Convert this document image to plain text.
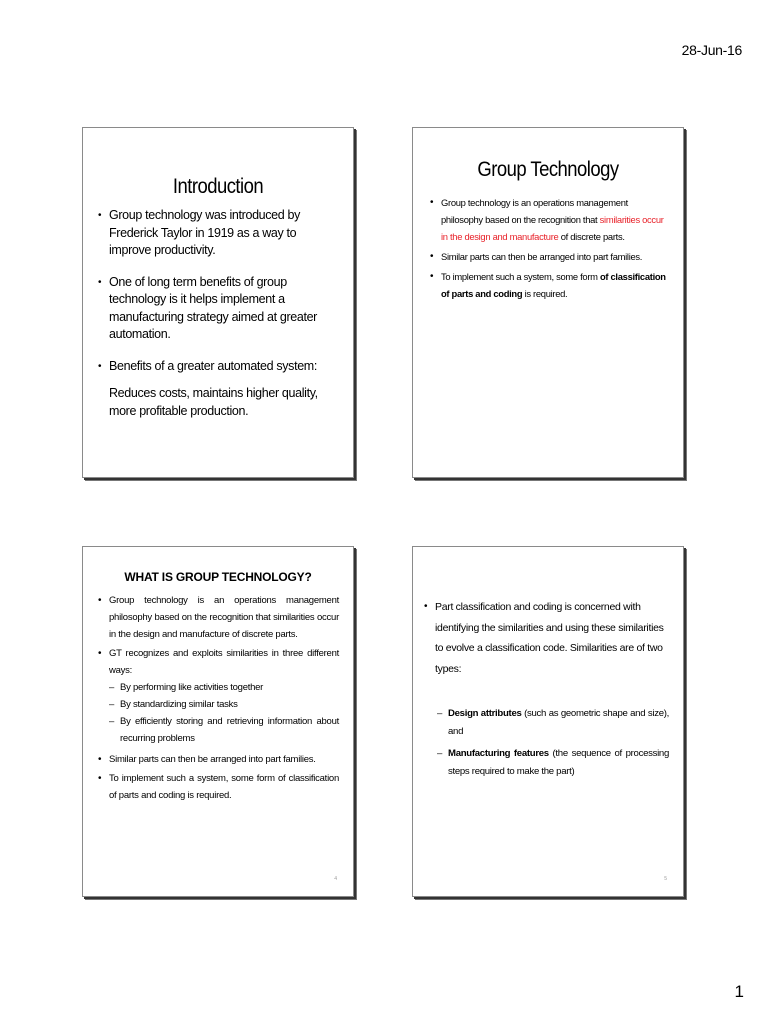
28-Jun-16
Introduction
• Group technology was introduced by Frederick Taylor in 1919 as a way to improve productivity.
• One of long term benefits of group technology is it helps implement a manufacturing strategy aimed at greater automation.
• Benefits of a greater automated system:
Reduces costs, maintains higher quality, more profitable production.
Group Technology
• Group technology is an operations management philosophy based on the recognition that similarities occur in the design and manufacture of discrete parts.
• Similar parts can then be arranged into part families.
• To implement such a system, some form of classification of parts and coding is required.
WHAT IS GROUP TECHNOLOGY?
• Group technology is an operations management philosophy based on the recognition that similarities occur in the design and manufacture of discrete parts.
• GT recognizes and exploits similarities in three different ways:
– By performing like activities together
– By standardizing similar tasks
– By efficiently storing and retrieving information about recurring problems
• Similar parts can then be arranged into part families.
• To implement such a system, some form of classification of parts and coding is required.
4
• Part classification and coding is concerned with identifying the similarities and using these similarities to evolve a classification code. Similarities are of two types:
– Design attributes (such as geometric shape and size), and
– Manufacturing features (the sequence of processing steps required to make the part)
5
1
